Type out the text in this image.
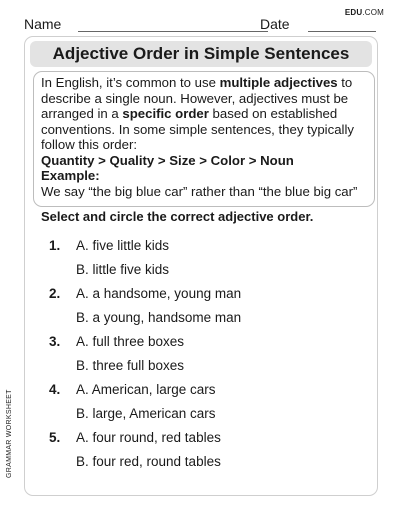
Name	Date
EDU.COM
Adjective Order in Simple Sentences
In English, it’s common to use multiple adjectives to describe a single noun. However, adjectives must be arranged in a specific order based on established conventions. In some simple sentences, they typically follow this order:
Quantity > Quality > Size > Color > Noun
Example:
We say “the big blue car” rather than “the blue big car”
Select and circle the correct adjective order.
1. A. five little kids
B. little five kids
2. A. a handsome, young man
B. a young, handsome man
3. A. full three boxes
B. three full boxes
4. A. American, large cars
B. large, American cars
5. A. four round, red tables
B. four red, round tables
GRAMMAR WORKSHEET
